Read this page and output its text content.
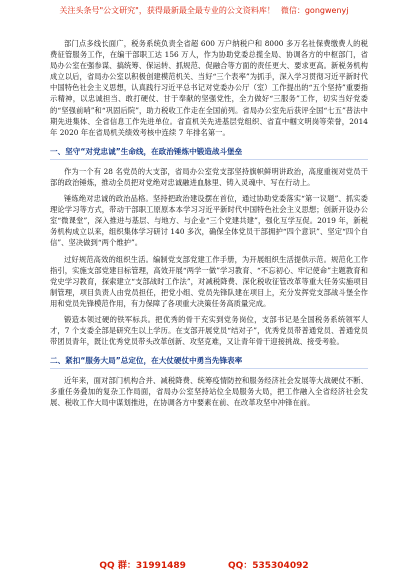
关注头条号"公文研究"，获得最新最全最专业的公文资料库！ 微信：gongwenyj

部门点多线长面广，税务系统负责全省超 600 万户纳税户和 8000 多万名社保费缴费人的税费征管服务工作，在编干部职工达 156 万人，作为协助党委总揽全局、协调各方的中枢部门，省局办公室在强参谋、搞统筹、保运转、抓规范、促融合等方面的责任更大、要求更高。新税务机构成立以后，省局办公室以积极创建模范机关、当好“三个表率”为抓手，深入学习贯彻习近平新时代中国特色社会主义思想，认真践行习近平总书记对党委办公厅（室）工作提出的“五个坚持”重要指示精神，以忠诚担当、敢打硬仗、甘于奉献的坚强党性，全力做好“三服务”工作，切实当好党委的“坚强前哨”和“巩固后院”，助力税收工作走在全国前列。省局办公室先后获评全国“七五”普法中期先进集体、全省信息工作先进单位。省直机关先进基层党组织、省直中帼文明岗等荣誉，2014 年 2020 年在省局机关绩效考核中连续 7 年排名第一。

一、坚守“对党忠诚”生命线，在政治锤炼中锻造战斗堡垒

作为一个有 28 名党员的大支部，省局办公室党支部坚持旗帜鲜明讲政治，高度重视对党员干部的政治锤炼，推动全员把对党绝对忠诚融进血脉里、铸入灵魂中、写在行动上。

锤炼绝对忠诚的政治品格。坚持把政治建设摆在首位，通过协助党委落实“第一议题”、抓实委理论学习等方式，带动干部职工原原本本学习习近平新时代中国特色社会主义思想；创新开设办公室“微课堂”，深入推进与基层、与地方、与企业“三个党建共建”，强化互学互促。2019 年，新税务机构成立以来，组织集体学习研讨 140 多次，确保全体党员干部拥护“四个意识”、坚定“四个自信”、坚决做到“两个维护”。

过好规范高效的组织生活。编制党支部党建工作手册，为开展组织生活提供示范。规范化工作指引，实施支部党建目标管理，高效开展“两学一做”学习教育、“不忘初心、牢记使命”主题教育和党史学习教育，探索建立“支部战时工作法”，对减税降费、深化税收征管改革等重大任务实施项目制管理，项目负责人由党员担任，把党小组、党员先锋队建在项目上，充分发挥党支部战斗堡全作用和党员先锋模范作用，有力保障了各项重大决策任务高质量完成。

锻造本领过硬的铁军标兵。把优秀的骨干充实到党务岗位，支部书记是全国税务系统领军人才，7 个支委全部是研究生以上学历。在支部开展党员“结对子”，优秀党员带普通党员、普通党员带团员青年，既让优秀党员带头改革创新、攻坚克难，又让青年骨干迎接挑战、接受考验。

二、紧扣“服务大局”总定位，在大仗硬仗中勇当先锋表率

近年来，面对部门机构合并、减税降费、统筹疫情防控和服务经济社会发展等大战硬仗不断、多重任务叠加的复杂工作局面，省局办公室坚持站位全局服务大局，把工作融入全省经济社会发展、税收工作大局中谋划推进，在协调各方中要素在前、在改革攻坚中冲锋在前。

QQ 群：31991489	QQ：535304092
